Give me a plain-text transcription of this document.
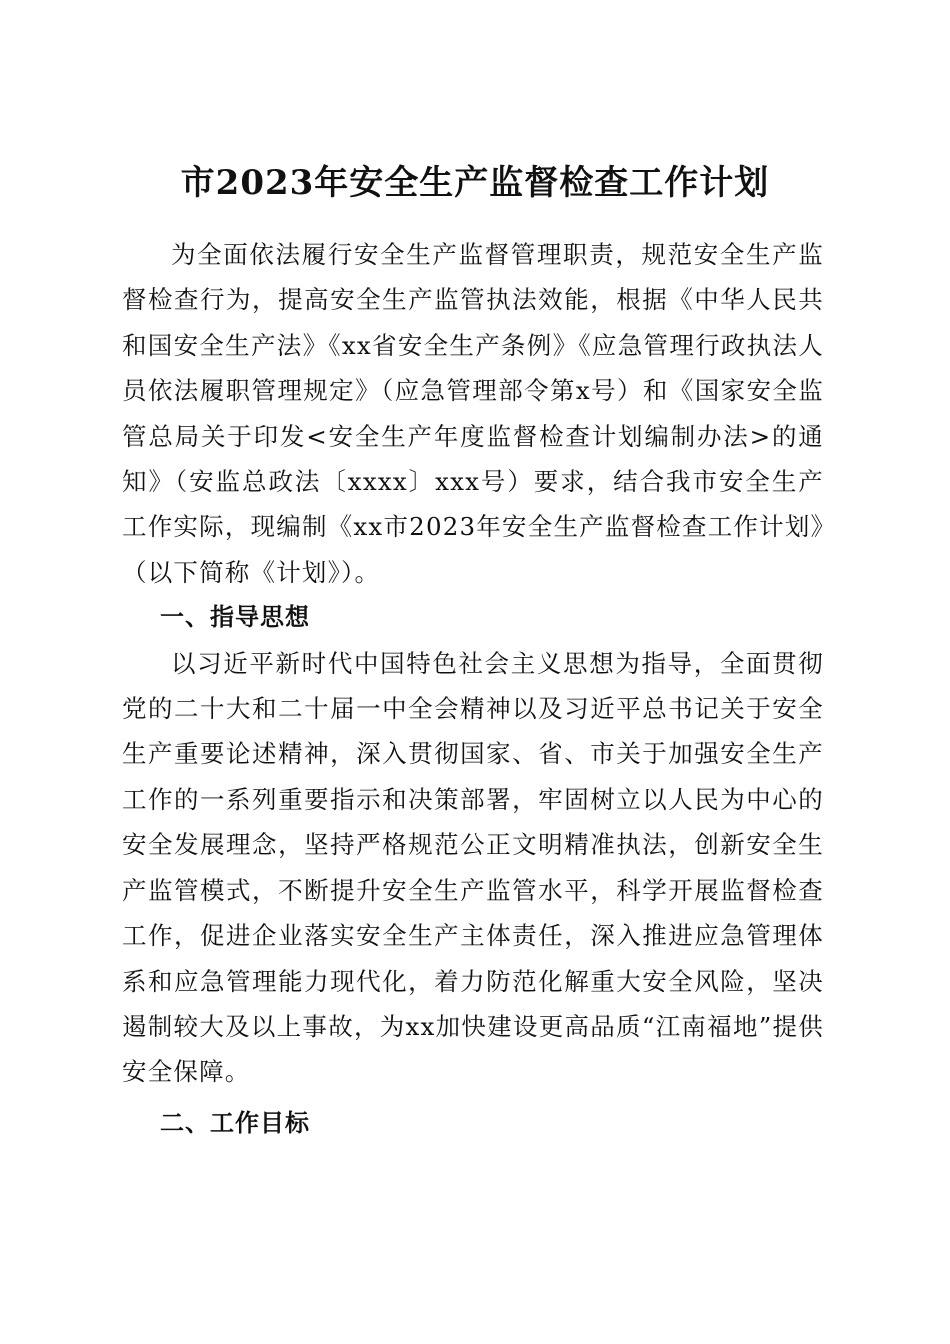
市2023年安全生产监督检查工作计划

为全面依法履行安全生产监督管理职责，规范安全生产监督检查行为，提高安全生产监管执法效能，根据《中华人民共和国安全生产法》《xx省安全生产条例》《应急管理行政执法人员依法履职管理规定》（应急管理部令第x号）和《国家安全监管总局关于印发<安全生产年度监督检查计划编制办法>的通知》（安监总政法〔xxxx〕xxx号）要求，结合我市安全生产工作实际，现编制《xx市2023年安全生产监督检查工作计划》（以下简称《计划》）。

一、指导思想

以习近平新时代中国特色社会主义思想为指导，全面贯彻党的二十大和二十届一中全会精神以及习近平总书记关于安全生产重要论述精神，深入贯彻国家、省、市关于加强安全生产工作的一系列重要指示和决策部署，牢固树立以人民为中心的安全发展理念，坚持严格规范公正文明精准执法，创新安全生产监管模式，不断提升安全生产监管水平，科学开展监督检查工作，促进企业落实安全生产主体责任，深入推进应急管理体系和应急管理能力现代化，着力防范化解重大安全风险，坚决遏制较大及以上事故，为xx加快建设更高品质“江南福地”提供安全保障。

二、工作目标
